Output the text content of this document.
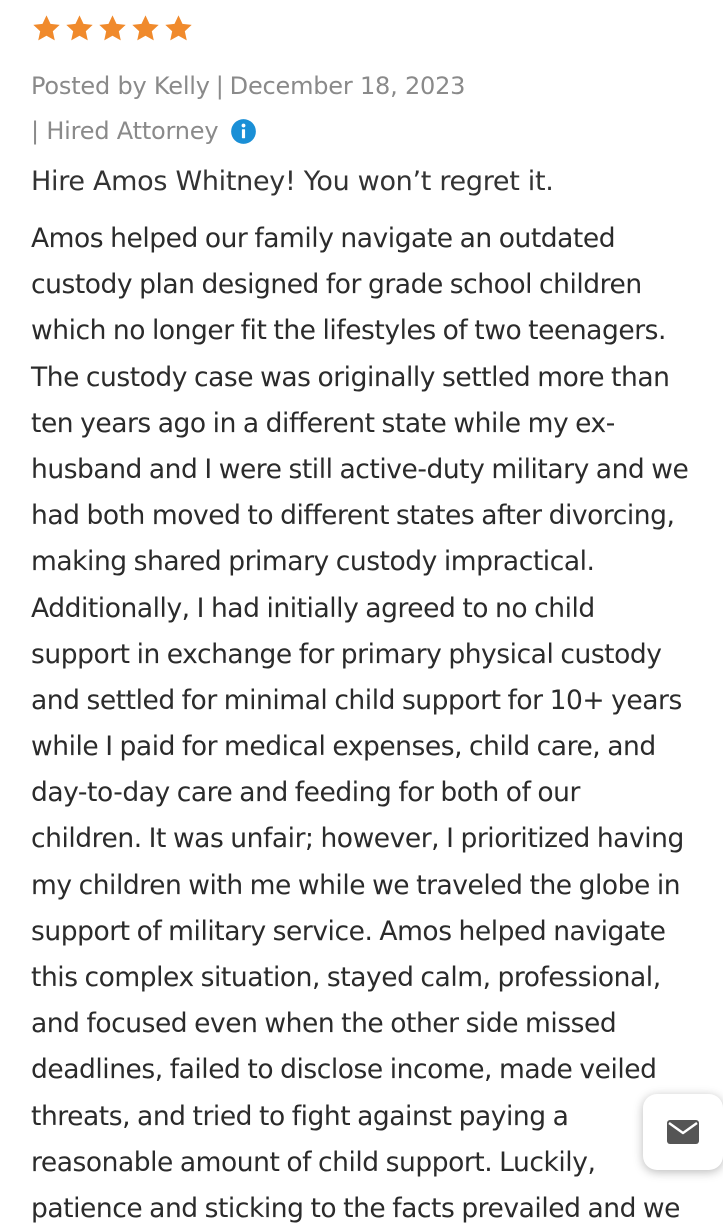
Posted by
Kelly | December 18, 2023
|
Hired Attorney
Hire Amos Whitney! You won’t regret it.
Amos helped our family navigate an outdated
custody plan designed for grade school children
which no longer fit the lifestyles of two teenagers.
The custody case was originally settled more than
ten years ago in a different state while my ex-
husband and I were still active-duty military and we
had both moved to different states after divorcing,
making shared primary custody impractical.
Additionally, I had initially agreed to no child
support in exchange for primary physical custody
and settled for minimal child support for 10+ years
while I paid for medical expenses, child care, and
day-to-day care and feeding for both of our
children. It was unfair; however, I prioritized having
my children with me while we traveled the globe in
support of military service. Amos helped navigate
this complex situation, stayed calm, professional,
and focused even when the other side missed
deadlines, failed to disclose income, made veiled
threats, and tried to fight against paying a
reasonable amount of child support. Luckily,
patience and sticking to the facts prevailed and we
